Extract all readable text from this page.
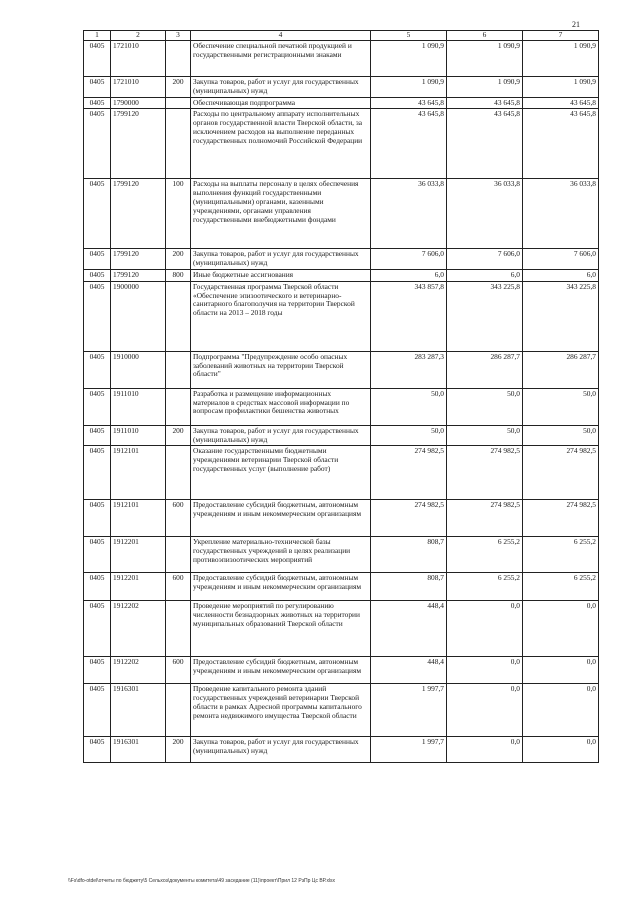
21
1	2	3	4	5	6	7
0405	1721010		Обеспечение специальной печатной продукцией и государственными регистрационными знаками	1 090,9	1 090,9	1 090,9
0405	1721010	200	Закупка товаров, работ и услуг для государственных (муниципальных) нужд	1 090,9	1 090,9	1 090,9
0405	1790000		Обеспечивающая подпрограмма	43 645,8	43 645,8	43 645,8
0405	1799120		Расходы по центральному аппарату исполнительных органов государственной власти Тверской области, за исключением расходов на выполнение переданных государственных полномочий Российской Федерации	43 645,8	43 645,8	43 645,8
0405	1799120	100	Расходы на выплаты персоналу в целях обеспечения выполнения функций государственными (муниципальными) органами, казенными учреждениями, органами управления государственными внебюджетными фондами	36 033,8	36 033,8	36 033,8
0405	1799120	200	Закупка товаров, работ и услуг для государственных (муниципальных) нужд	7 606,0	7 606,0	7 606,0
0405	1799120	800	Иные бюджетные ассигнования	6,0	6,0	6,0
0405	1900000		Государственная программа Тверской области «Обеспечение эпизоотического и ветеринарно-санитарного благополучия на территории Тверской области на 2013 – 2018 годы	343 857,8	343 225,8	343 225,8
0405	1910000		Подпрограмма "Предупреждение особо опасных заболеваний животных на территории Тверской области"	283 287,3	286 287,7	286 287,7
0405	1911010		Разработка и размещение информационных материалов в средствах массовой информации по вопросам профилактики бешенства животных	50,0	50,0	50,0
0405	1911010	200	Закупка товаров, работ и услуг для государственных (муниципальных) нужд	50,0	50,0	50,0
0405	1912101		Оказание государственными бюджетными учреждениями ветеринарии Тверской области государственных услуг (выполнение работ)	274 982,5	274 982,5	274 982,5
0405	1912101	600	Предоставление субсидий бюджетным, автономным учреждениям и иным некоммерческим организациям	274 982,5	274 982,5	274 982,5
0405	1912201		Укрепление материально-технической базы государственных учреждений в целях реализации противоэпизоотических мероприятий	808,7	6 255,2	6 255,2
0405	1912201	600	Предоставление субсидий бюджетным, автономным учреждениям и иным некоммерческим организациям	808,7	6 255,2	6 255,2
0405	1912202		Проведение мероприятий по регулированию численности безнадзорных животных на территории муниципальных образований Тверской области	448,4	0,0	0,0
0405	1912202	600	Предоставление субсидий бюджетным, автономным учреждениям и иным некоммерческим организациям	448,4	0,0	0,0
0405	1916301		Проведение капитального ремонта зданий государственных учреждений ветеринарии Тверской области в рамках Адресной программы капитального ремонта недвижимого имущества Тверской области	1 997,7	0,0	0,0
0405	1916301	200	Закупка товаров, работ и услуг для государственных (муниципальных) нужд	1 997,7	0,0	0,0
\\Fs\dfo-otdel\отчеты по бюджету\5 Сельхоз\документы комитета\49 заседание (11)\проект\Прил 12 РзПр Цс ВР.xlsx
